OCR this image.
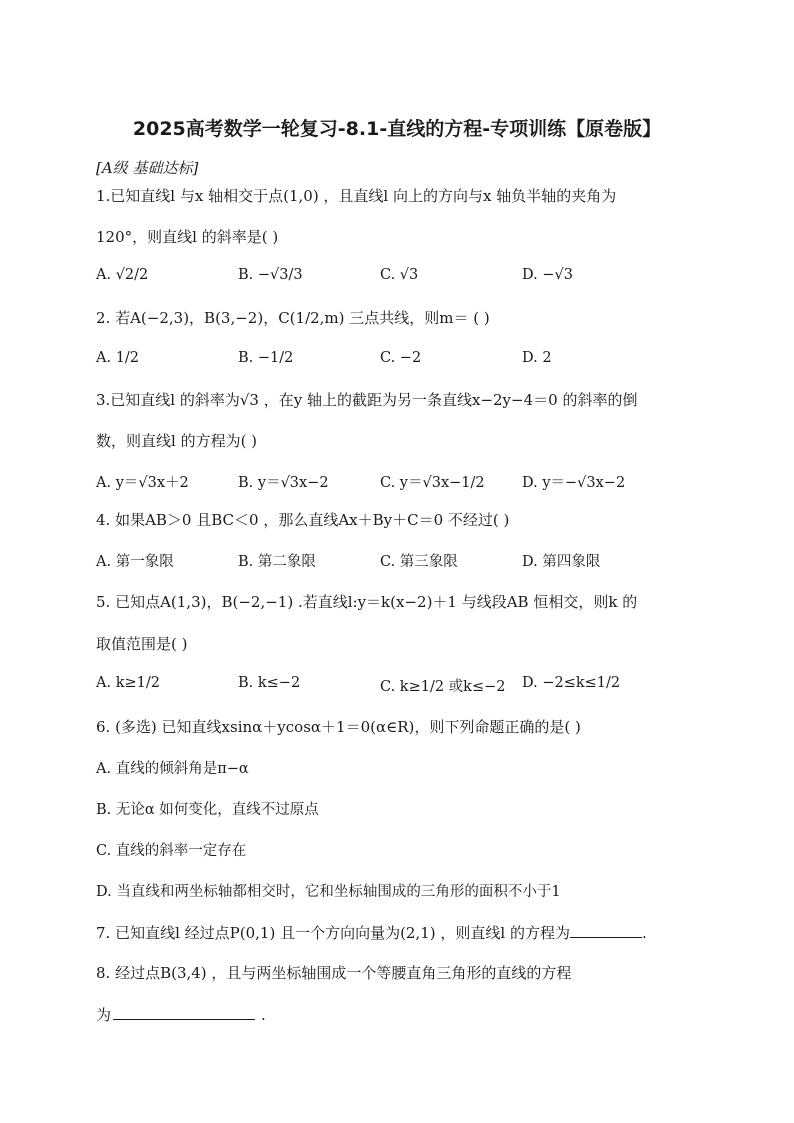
2025高考数学一轮复习-8.1-直线的方程-专项训练【原卷版】
[A级 基础达标]
1.已知直线l 与x 轴相交于点(1,0) ，且直线l 向上的方向与x 轴负半轴的夹角为
120°，则直线l 的斜率是( )
A. √2/2	B. −√3/3	C. √3	D. −√3
2. 若A(−2,3)，B(3,−2)，C(1/2,m) 三点共线，则m＝ ( )
A. 1/2	B. −1/2	C. −2	D. 2
3.已知直线l 的斜率为√3 ，在y 轴上的截距为另一条直线x−2y−4＝0 的斜率的倒
数，则直线l 的方程为( )
A. y＝√3x＋2	B. y＝√3x−2	C. y＝√3x−1/2	D. y＝−√3x−2
4. 如果AB＞0 且BC＜0 ，那么直线Ax＋By＋C＝0 不经过( )
A. 第一象限	B. 第二象限	C. 第三象限	D. 第四象限
5. 已知点A(1,3)，B(−2,−1) .若直线l:y＝k(x−2)＋1 与线段AB 恒相交，则k 的
取值范围是( )
A. k≥1/2	B. k≤−2	C. k≥1/2 或k≤−2 D. −2≤k≤1/2
6. (多选) 已知直线xsinα＋ycosα＋1＝0(α∈R)，则下列命题正确的是( )
A. 直线的倾斜角是π−α
B. 无论α 如何变化，直线不过原点
C. 直线的斜率一定存在
D. 当直线和两坐标轴都相交时，它和坐标轴围成的三角形的面积不小于1
7. 已知直线l 经过点P(0,1) 且一个方向向量为(2,1) ，则直线l 的方程为	.
8. 经过点B(3,4) ，且与两坐标轴围成一个等腰直角三角形的直线的方程
为	.
